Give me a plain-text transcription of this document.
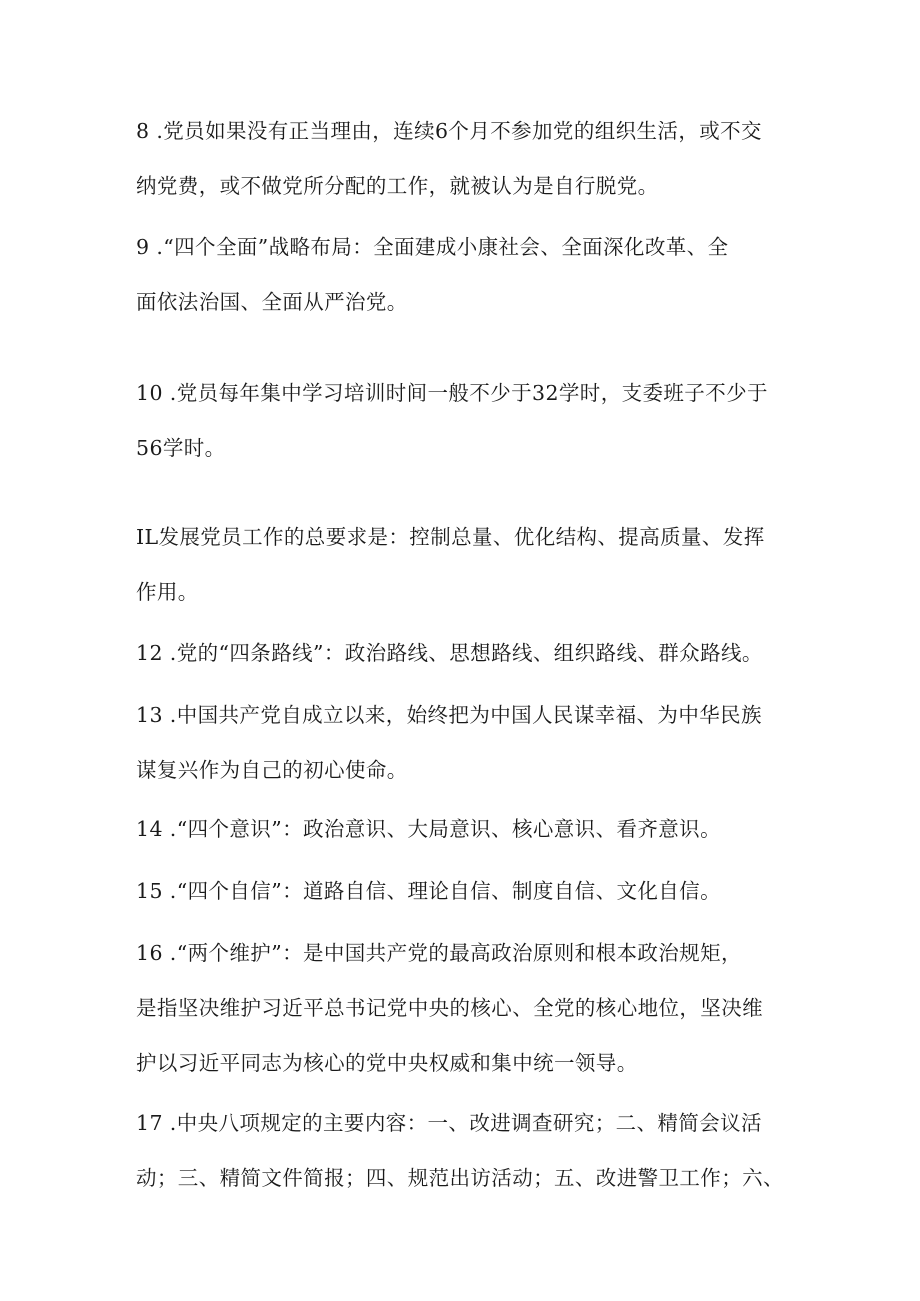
8 .党员如果没有正当理由，连续6个月不参加党的组织生活，或不交
纳党费，或不做党所分配的工作，就被认为是自行脱党。

9 .“四个全面”战略布局：全面建成小康社会、全面深化改革、全
面依法治国、全面从严治党。

10 .党员每年集中学习培训时间一般不少于32学时，支委班子不少于
56学时。

IL发展党员工作的总要求是：控制总量、优化结构、提高质量、发挥
作用。

12 .党的“四条路线”：政治路线、思想路线、组织路线、群众路线。

13 .中国共产党自成立以来，始终把为中国人民谋幸福、为中华民族
谋复兴作为自己的初心使命。

14 .“四个意识”：政治意识、大局意识、核心意识、看齐意识。

15 .“四个自信”：道路自信、理论自信、制度自信、文化自信。

16 .“两个维护”：是中国共产党的最高政治原则和根本政治规矩，
是指坚决维护习近平总书记党中央的核心、全党的核心地位，坚决维
护以习近平同志为核心的党中央权威和集中统一领导。

17 .中央八项规定的主要内容：一、改进调查研究；二、精简会议活
动；三、精简文件简报；四、规范出访活动；五、改进警卫工作；六、
